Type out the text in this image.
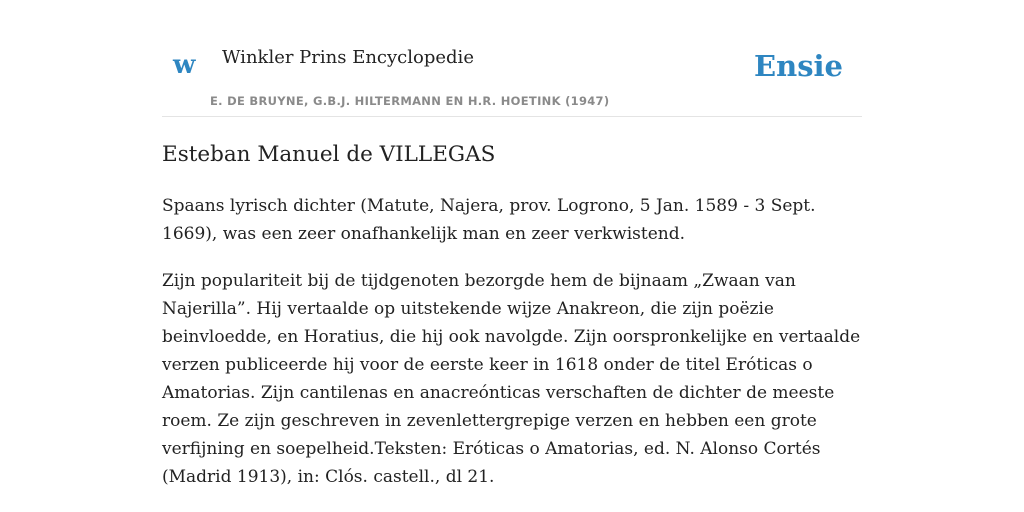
w Winkler Prins Encyclopedie
E. DE BRUYNE, G.B.J. HILTERMANN EN H.R. HOETINK (1947)
Ensie
Esteban Manuel de VILLEGAS

Spaans lyrisch dichter (Matute, Najera, prov. Logrono, 5 Jan. 1589 - 3 Sept. 1669), was een zeer onafhankelijk man en zeer verkwistend.

Zijn populariteit bij de tijdgenoten bezorgde hem de bijnaam „Zwaan van Najerilla”. Hij vertaalde op uitstekende wijze Anakreon, die zijn poëzie beinvloedde, en Horatius, die hij ook navolgde. Zijn oorspronkelijke en vertaalde verzen publiceerde hij voor de eerste keer in 1618 onder de titel Eróticas o Amatorias. Zijn cantilenas en anacreónticas verschaften de dichter de meeste roem. Ze zijn geschreven in zevenlettergrepige verzen en hebben een grote verfijning en soepelheid.Teksten: Eróticas o Amatorias, ed. N. Alonso Cortés (Madrid 1913), in: Clós. castell., dl 21.
